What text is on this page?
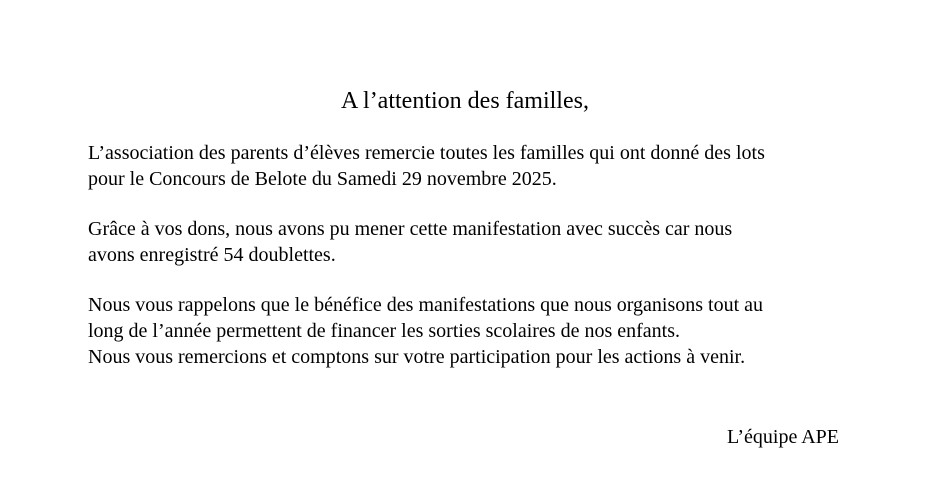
A l’attention des familles,
L’association des parents d’élèves remercie toutes les familles qui ont donné des lots
pour le Concours de Belote du Samedi 29 novembre 2025.
Grâce à vos dons, nous avons pu mener cette manifestation avec succès car nous
avons enregistré 54 doublettes.
Nous vous rappelons que le bénéfice des manifestations que nous organisons tout au
long de l’année permettent de financer les sorties scolaires de nos enfants.
Nous vous remercions et comptons sur votre participation pour les actions à venir.
L’équipe APE
